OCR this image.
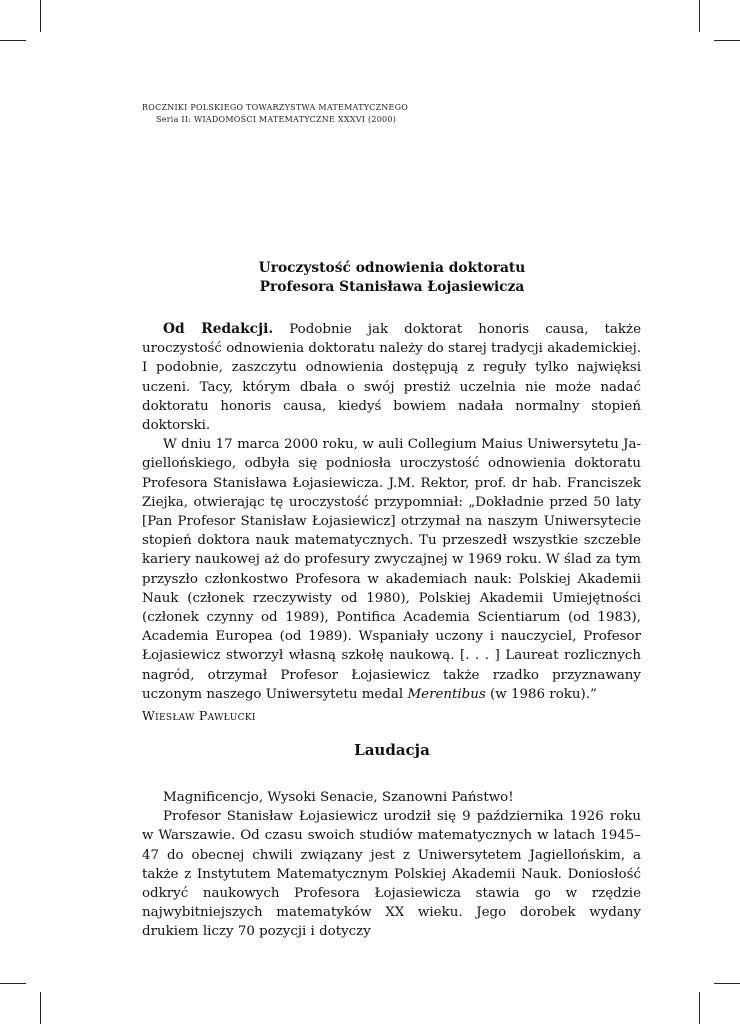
ROCZNIKI POLSKIEGO TOWARZYSTWA MATEMATYCZNEGO
Seria II: WIADOMOŚCI MATEMATYCZNE XXXVI (2000)
Uroczystość odnowienia doktoratu
Profesora Stanisława Łojasiewicza

Od Redakcji. Podobnie jak doktorat honoris causa, także uroczystość odnowienia doktoratu należy do starej tradycji akademickiej. I podobnie, zaszczytu odnowienia dostępują z reguły tylko najwięksi uczeni. Tacy, którym dbała o swój prestiż uczelnia nie może nadać doktoratu honoris causa, kiedyś bowiem nadała normalny stopień doktorski.

W dniu 17 marca 2000 roku, w auli Collegium Maius Uniwersytetu Jagiellońskiego, odbyła się podniosła uroczystość odnowienia doktoratu Profesora Stanisława Łojasiewicza. J.M. Rektor, prof. dr hab. Franciszek Ziejka, otwierając tę uroczystość przypomniał: „Dokładnie przed 50 laty [Pan Profesor Stanisław Łojasiewicz] otrzymał na naszym Uniwersytecie stopień doktora nauk matematycznych. Tu przeszedł wszystkie szczeble kariery naukowej aż do profesury zwyczajnej w 1969 roku. W ślad za tym przyszło członkostwo Profesora w akademiach nauk: Polskiej Akademii Nauk (członek rzeczywisty od 1980), Polskiej Akademii Umiejętności (członek czynny od 1989), Pontifica Academia Scientiarum (od 1983), Academia Europea (od 1989). Wspaniały uczony i nauczyciel, Profesor Łojasiewicz stworzył własną szkołę naukową. [. . . ] Laureat rozlicznych nagród, otrzymał Profesor Łojasiewicz także rzadko przyznawany uczonym naszego Uniwersytetu medal Merentibus (w 1986 roku).”

Wiesław Pawłucki
Laudacja

Magnificencjo, Wysoki Senacie, Szanowni Państwo!

Profesor Stanisław Łojasiewicz urodził się 9 października 1926 roku w Warszawie. Od czasu swoich studiów matematycznych w latach 1945–47 do obecnej chwili związany jest z Uniwersytetem Jagiellońskim, a także z Instytutem Matematycznym Polskiej Akademii Nauk. Doniosłość odkryć naukowych Profesora Łojasiewicza stawia go w rzędzie najwybitniejszych matematyków XX wieku. Jego dorobek wydany drukiem liczy 70 pozycji i dotyczy
